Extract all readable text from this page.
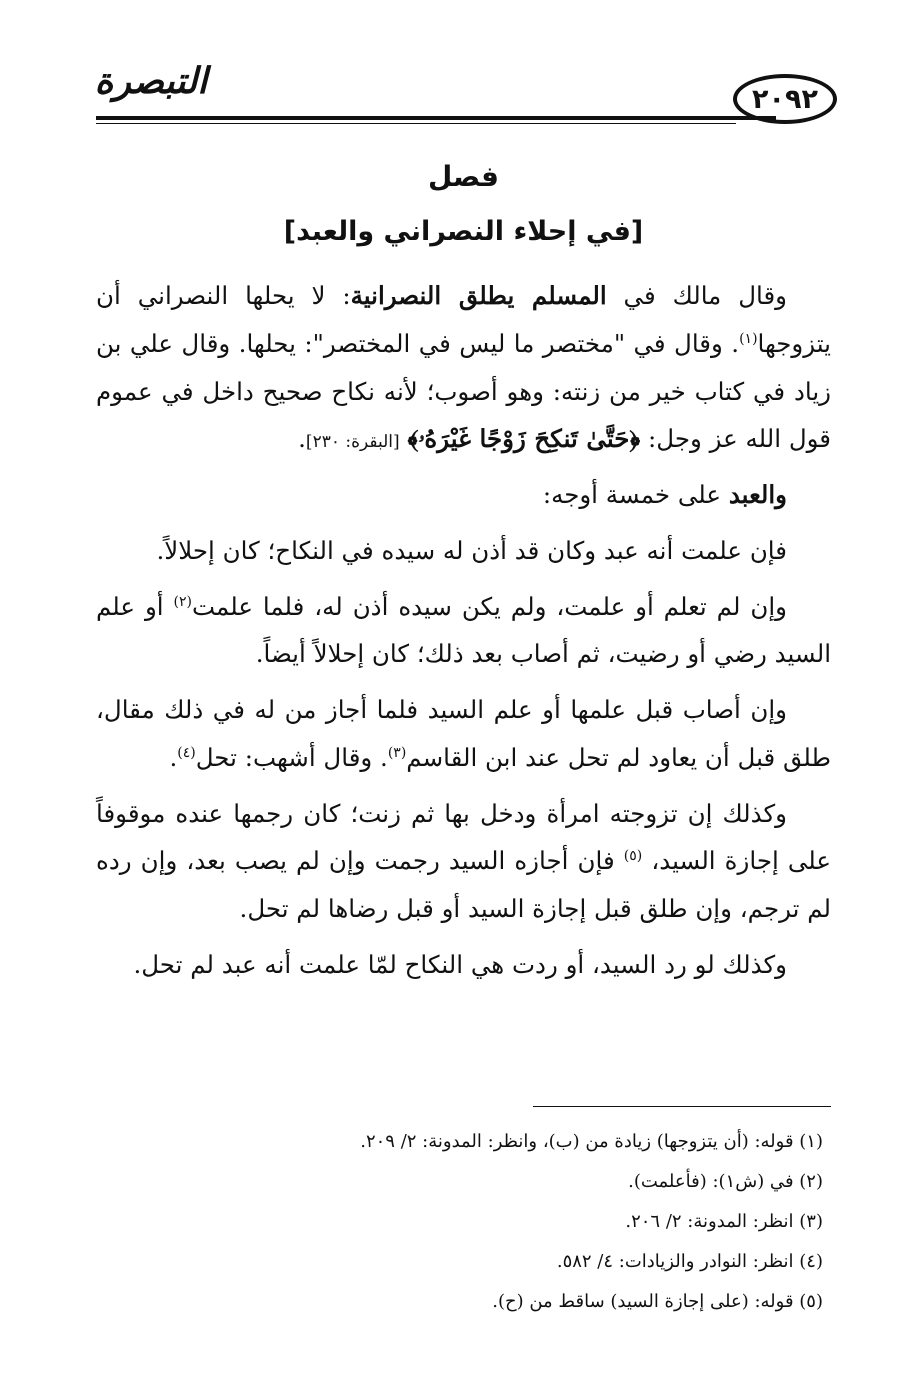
التبصرة	٢٠٩٢
فصل
[في إحلاء النصراني والعبد]

وقال مالك في المسلم يطلق النصرانية: لا يحلها النصراني أن يتزوجها$^{(١)}$. وقال في "مختصر ما ليس في المختصر": يحلها. وقال علي بن زياد في كتاب خير من زنته: وهو أصوب؛ لأنه نكاح صحيح داخل في عموم قول الله عز وجل: ﴿حَتَّىٰ تَنكِحَ زَوْجًا غَيْرَهُۥ﴾ [البقرة: ٢٣٠].

والعبد على خمسة أوجه:

فإن علمت أنه عبد وكان قد أذن له سيده في النكاح؛ كان إحلالاً.

وإن لم تعلم أو علمت، ولم يكن سيده أذن له، فلما علمت$^{(٢)}$ أو علم السيد رضي أو رضيت، ثم أصاب بعد ذلك؛ كان إحلالاً أيضاً.

وإن أصاب قبل علمها أو علم السيد فلما أجاز من له في ذلك مقال، طلق قبل أن يعاود لم تحل عند ابن القاسم$^{(٣)}$. وقال أشهب: تحل$^{(٤)}$.

وكذلك إن تزوجته امرأة ودخل بها ثم زنت؛ كان رجمها عنده موقوفاً على إجازة السيد، $^{(٥)}$ فإن أجازه السيد رجمت وإن لم يصب بعد، وإن رده لم ترجم، وإن طلق قبل إجازة السيد أو قبل رضاها لم تحل.

وكذلك لو رد السيد، أو ردت هي النكاح لمّا علمت أنه عبد لم تحل.

(١) قوله: (أن يتزوجها) زيادة من (ب)، وانظر: المدونة: ٢/ ٢٠٩.
(٢) في (ش١): (فأعلمت).
(٣) انظر: المدونة: ٢/ ٢٠٦.
(٤) انظر: النوادر والزيادات: ٤/ ٥٨٢.
(٥) قوله: (على إجازة السيد) ساقط من (ح).
